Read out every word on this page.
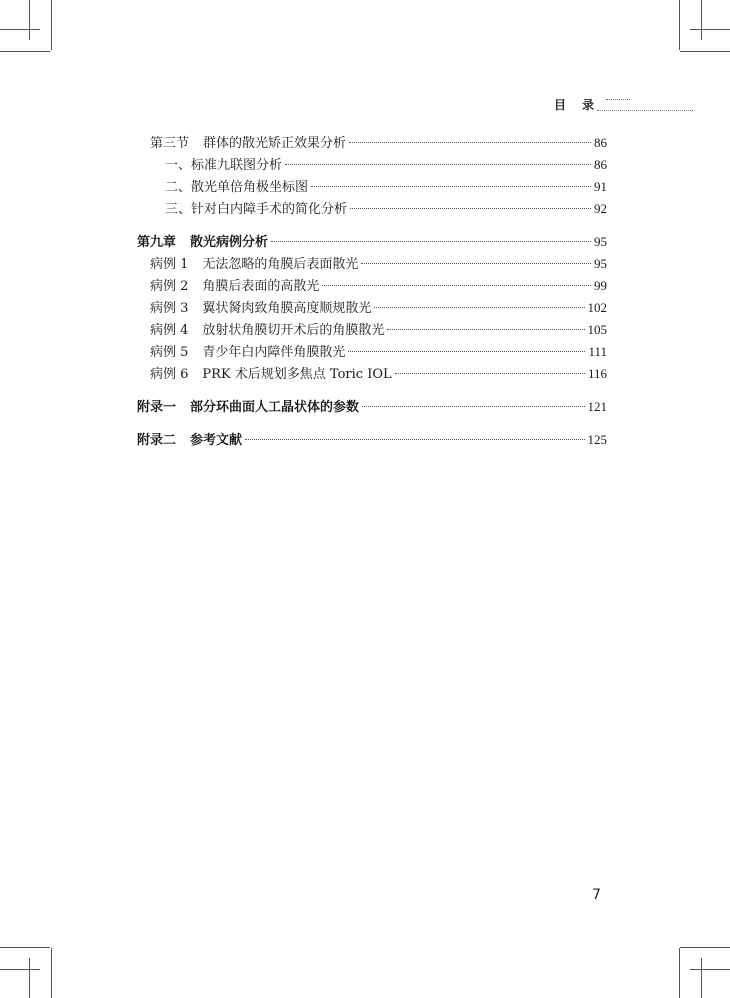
目 录
第三节 群体的散光矫正效果分析	86
一、标准九联图分析	86
二、散光单倍角极坐标图	91
三、针对白内障手术的简化分析	92
第九章 散光病例分析	95
病例 1 无法忽略的角膜后表面散光	95
病例 2 角膜后表面的高散光	99
病例 3 翼状胬肉致角膜高度顺规散光	102
病例 4 放射状角膜切开术后的角膜散光	105
病例 5 青少年白内障伴角膜散光	111
病例 6 PRK 术后规划多焦点 Toric IOL	116
附录一 部分环曲面人工晶状体的参数	121
附录二 参考文献	125
7
